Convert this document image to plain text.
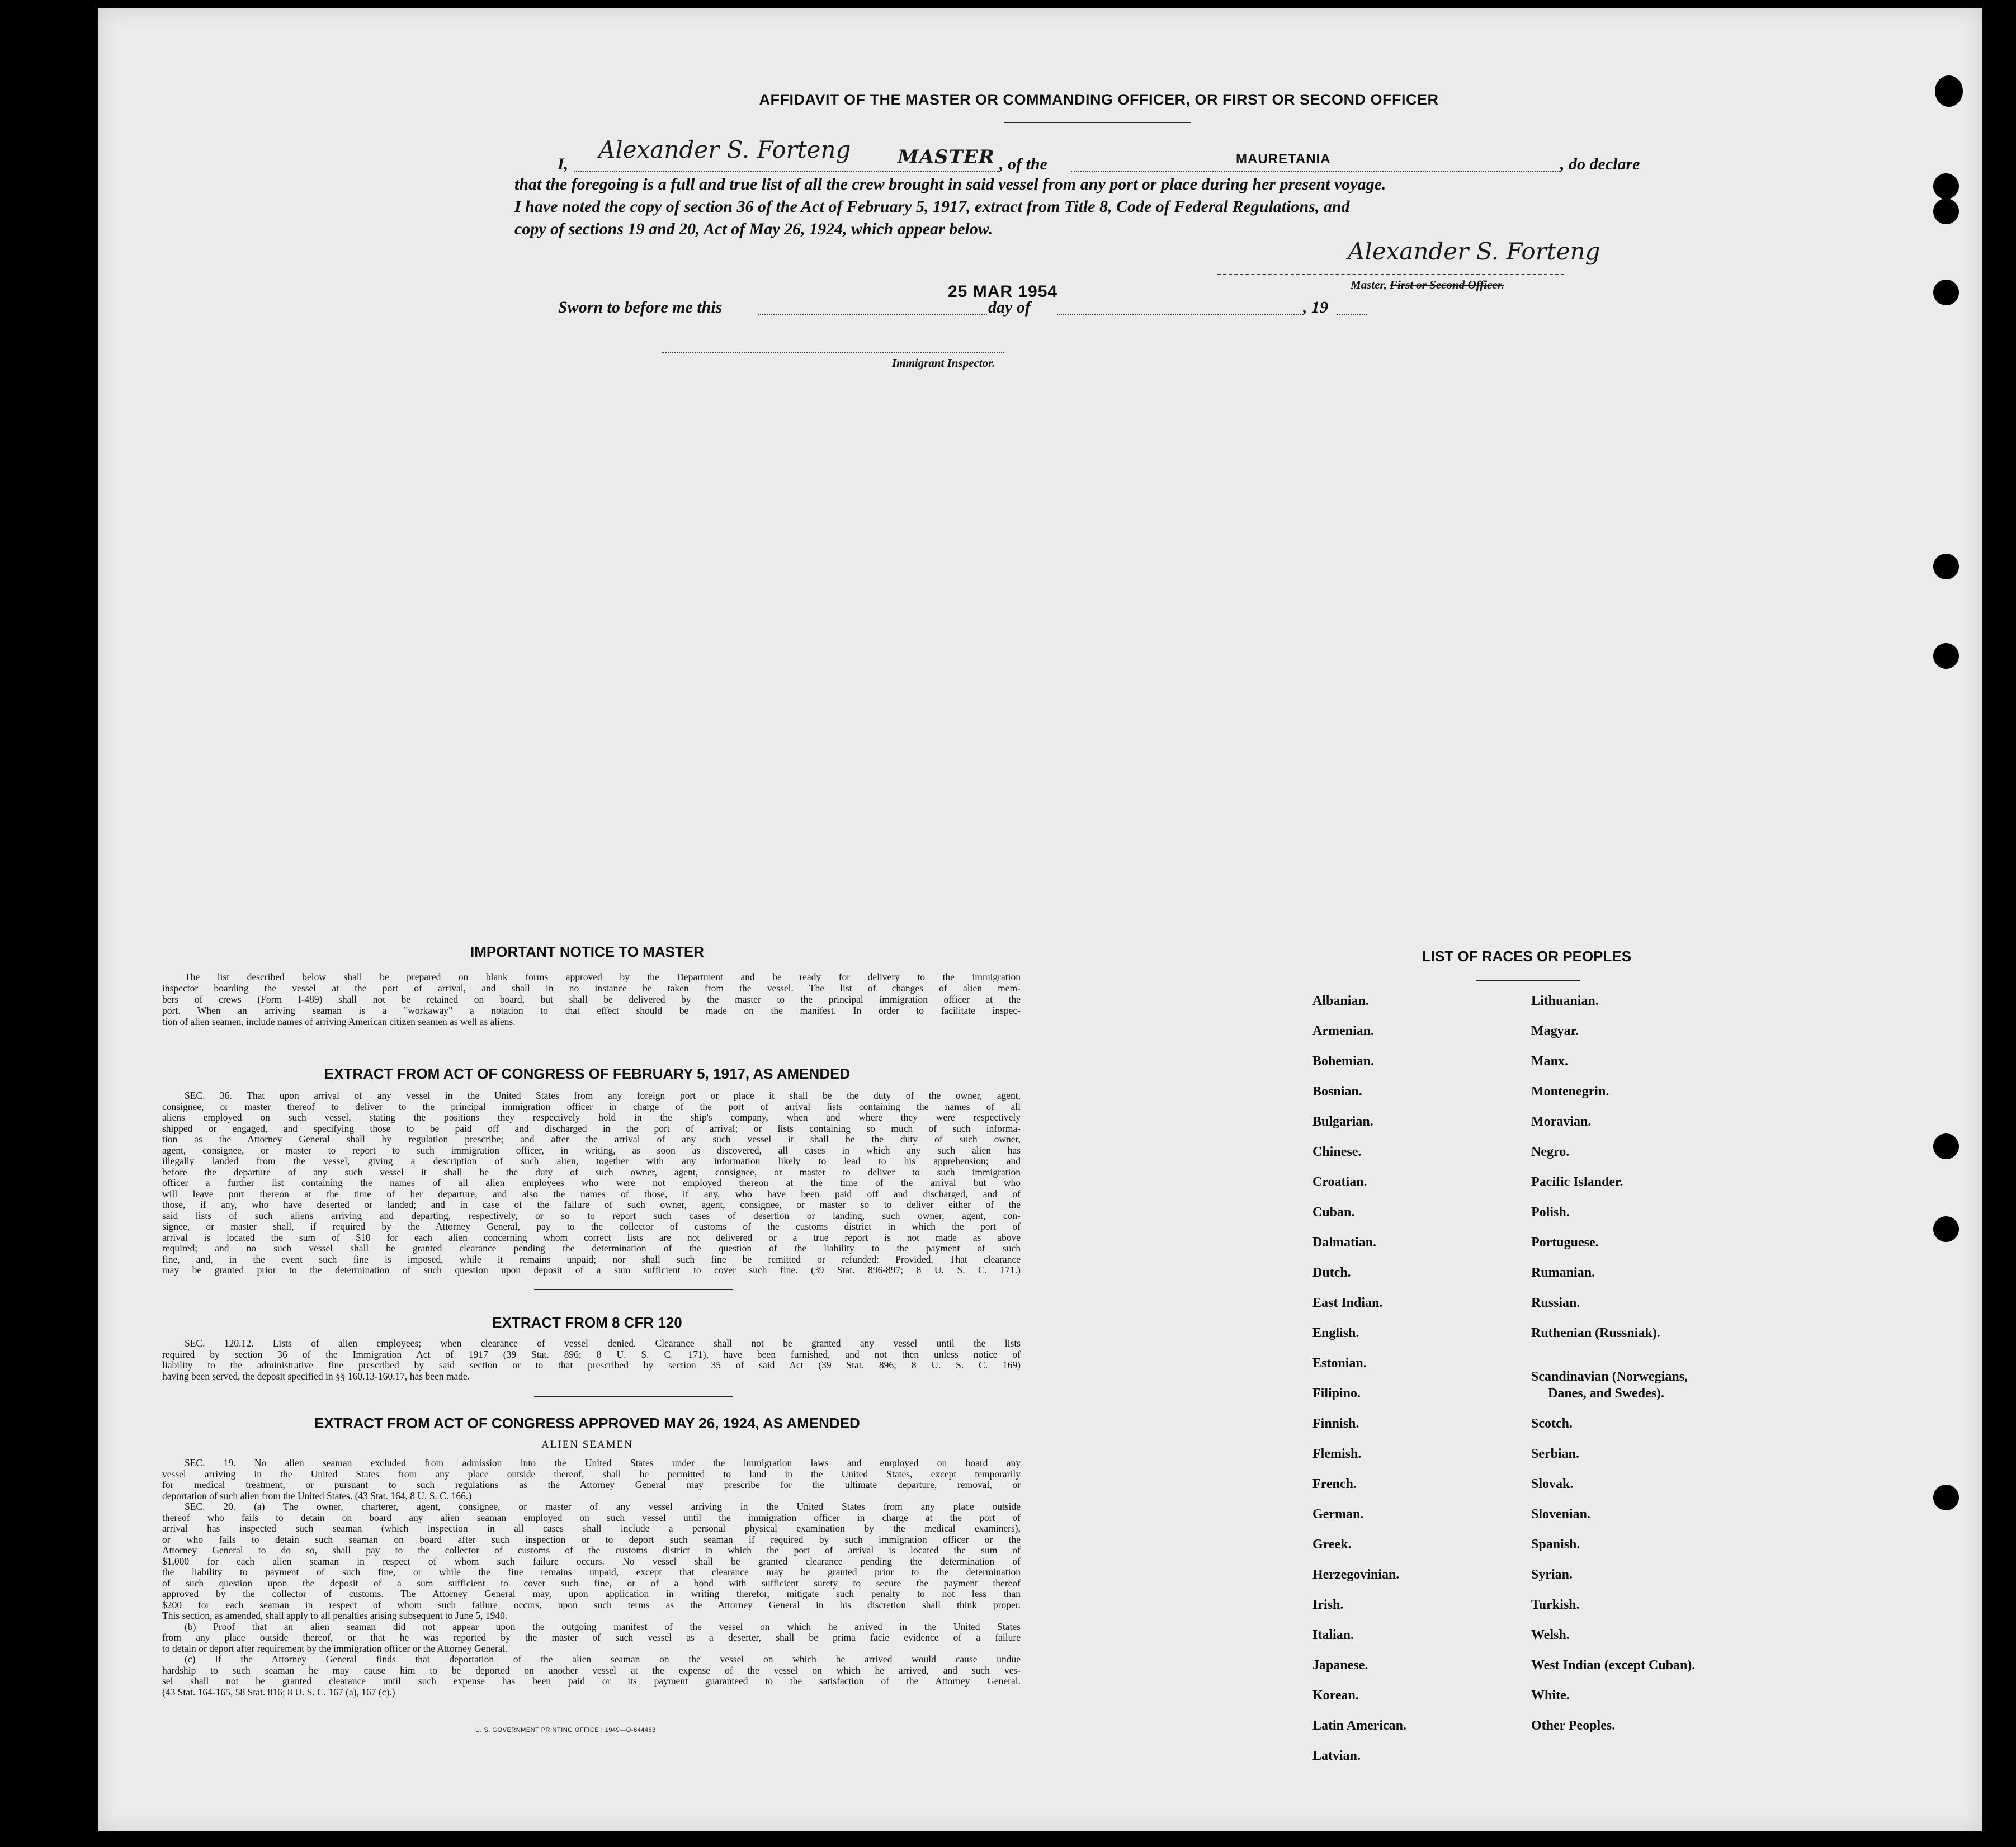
AFFIDAVIT OF THE MASTER OR COMMANDING OFFICER, OR FIRST OR SECOND OFFICER
I,
Alexander S. Forteng MASTER , of the	MAURETANIA	, do declare
that the foregoing is a full and true list of all the crew brought in said vessel from any port or place during her present voyage.
I have noted the copy of section 36 of the Act of February 5, 1917, extract from Title 8, Code of Federal Regulations, and
copy of sections 19 and 20, Act of May 26, 1924, which appear below.
Alexander S. Forteng
Master, First or Second Officer.
Sworn to before me this
25 MAR 1954
day of	, 19
Immigrant Inspector.
IMPORTANT NOTICE TO MASTER
The list described below shall be prepared on blank forms approved by the Department and be ready for delivery to the immigration
inspector boarding the vessel at the port of arrival, and shall in no instance be taken from the vessel. The list of changes of alien mem-
bers of crews (Form I-489) shall not be retained on board, but shall be delivered by the master to the principal immigration officer at the
port. When an arriving seaman is a "workaway" a notation to that effect should be made on the manifest. In order to facilitate inspec-
tion of alien seamen, include names of arriving American citizen seamen as well as aliens.
EXTRACT FROM ACT OF CONGRESS OF FEBRUARY 5, 1917, AS AMENDED
SEC. 36. That upon arrival of any vessel in the United States from any foreign port or place it shall be the duty of the owner, agent,
consignee, or master thereof to deliver to the principal immigration officer in charge of the port of arrival lists containing the names of all
aliens employed on such vessel, stating the positions they respectively hold in the ship's company, when and where they were respectively
shipped or engaged, and specifying those to be paid off and discharged in the port of arrival; or lists containing so much of such informa-
tion as the Attorney General shall by regulation prescribe; and after the arrival of any such vessel it shall be the duty of such owner,
agent, consignee, or master to report to such immigration officer, in writing, as soon as discovered, all cases in which any such alien has
illegally landed from the vessel, giving a description of such alien, together with any information likely to lead to his apprehension; and
before the departure of any such vessel it shall be the duty of such owner, agent, consignee, or master to deliver to such immigration
officer a further list containing the names of all alien employees who were not employed thereon at the time of the arrival but who
will leave port thereon at the time of her departure, and also the names of those, if any, who have been paid off and discharged, and of
those, if any, who have deserted or landed; and in case of the failure of such owner, agent, consignee, or master so to deliver either of the
said lists of such aliens arriving and departing, respectively, or so to report such cases of desertion or landing, such owner, agent, con-
signee, or master shall, if required by the Attorney General, pay to the collector of customs of the customs district in which the port of
arrival is located the sum of $10 for each alien concerning whom correct lists are not delivered or a true report is not made as above
required; and no such vessel shall be granted clearance pending the determination of the question of the liability to the payment of such
fine, and, in the event such fine is imposed, while it remains unpaid; nor shall such fine be remitted or refunded: Provided, That clearance
may be granted prior to the determination of such question upon deposit of a sum sufficient to cover such fine. (39 Stat. 896-897; 8 U. S. C. 171.)
EXTRACT FROM 8 CFR 120
SEC. 120.12. Lists of alien employees; when clearance of vessel denied. Clearance shall not be granted any vessel until the lists
required by section 36 of the Immigration Act of 1917 (39 Stat. 896; 8 U. S. C. 171), have been furnished, and not then unless notice of
liability to the administrative fine prescribed by said section or to that prescribed by section 35 of said Act (39 Stat. 896; 8 U. S. C. 169)
having been served, the deposit specified in §§ 160.13-160.17, has been made.
EXTRACT FROM ACT OF CONGRESS APPROVED MAY 26, 1924, AS AMENDED
ALIEN SEAMEN
SEC. 19. No alien seaman excluded from admission into the United States under the immigration laws and employed on board any
vessel arriving in the United States from any place outside thereof, shall be permitted to land in the United States, except temporarily
for medical treatment, or pursuant to such regulations as the Attorney General may prescribe for the ultimate departure, removal, or
deportation of such alien from the United States. (43 Stat. 164, 8 U. S. C. 166.)
SEC. 20. (a) The owner, charterer, agent, consignee, or master of any vessel arriving in the United States from any place outside
thereof who fails to detain on board any alien seaman employed on such vessel until the immigration officer in charge at the port of
arrival has inspected such seaman (which inspection in all cases shall include a personal physical examination by the medical examiners),
or who fails to detain such seaman on board after such inspection or to deport such seaman if required by such immigration officer or the
Attorney General to do so, shall pay to the collector of customs of the customs district in which the port of arrival is located the sum of
$1,000 for each alien seaman in respect of whom such failure occurs. No vessel shall be granted clearance pending the determination of
the liability to payment of such fine, or while the fine remains unpaid, except that clearance may be granted prior to the determination
of such question upon the deposit of a sum sufficient to cover such fine, or of a bond with sufficient surety to secure the payment thereof
approved by the collector of customs. The Attorney General may, upon application in writing therefor, mitigate such penalty to not less than
$200 for each seaman in respect of whom such failure occurs, upon such terms as the Attorney General in his discretion shall think proper.
This section, as amended, shall apply to all penalties arising subsequent to June 5, 1940.
(b) Proof that an alien seaman did not appear upon the outgoing manifest of the vessel on which he arrived in the United States
from any place outside thereof, or that he was reported by the master of such vessel as a deserter, shall be prima facie evidence of a failure
to detain or deport after requirement by the immigration officer or the Attorney General.
(c) If the Attorney General finds that deportation of the alien seaman on the vessel on which he arrived would cause undue
hardship to such seaman he may cause him to be deported on another vessel at the expense of the vessel on which he arrived, and such ves-
sel shall not be granted clearance until such expense has been paid or its payment guaranteed to the satisfaction of the Attorney General.
(43 Stat. 164-165, 58 Stat. 816; 8 U. S. C. 167 (a), 167 (c).)
U. S. GOVERNMENT PRINTING OFFICE : 1949—O-844463
LIST OF RACES OR PEOPLES
Albanian.
Armenian.
Bohemian.
Bosnian.
Bulgarian.
Chinese.
Croatian.
Cuban.
Dalmatian.
Dutch.
East Indian.
English.
Estonian.
Filipino.
Finnish.
Flemish.
French.
German.
Greek.
Herzegovinian.
Irish.
Italian.
Japanese.
Korean.
Latin American.
Latvian.
Lithuanian.
Magyar.
Manx.
Montenegrin.
Moravian.
Negro.
Pacific Islander.
Polish.
Portuguese.
Rumanian.
Russian.
Ruthenian (Russniak).
Scandinavian (Norwegians,
Danes, and Swedes).
Scotch.
Serbian.
Slovak.
Slovenian.
Spanish.
Syrian.
Turkish.
Welsh.
West Indian (except Cuban).
White.
Other Peoples.
